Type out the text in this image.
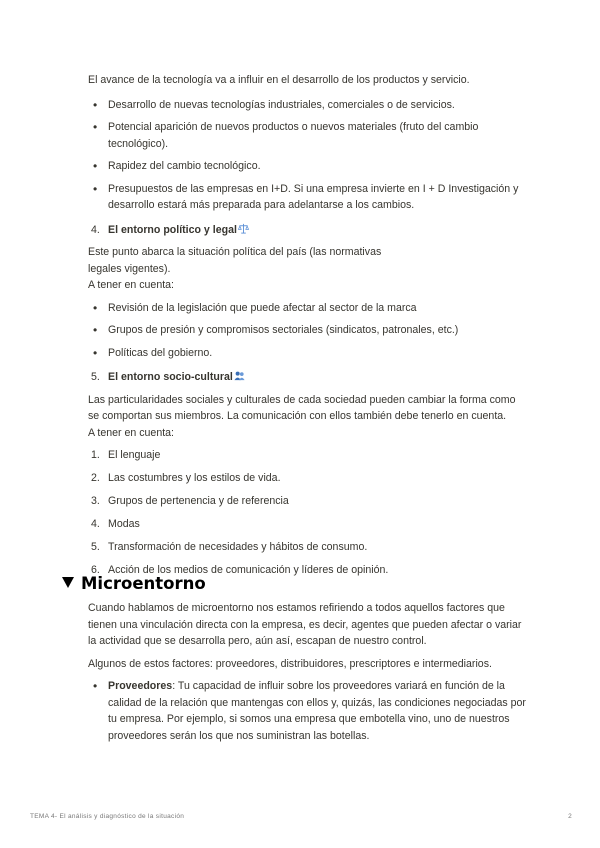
El avance de la tecnología va a influir en el desarrollo de los productos y servicio.

• Desarrollo de nuevas tecnologías industriales, comerciales o de servicios.
• Potencial aparición de nuevos productos o nuevos materiales (fruto del cambio tecnológico).
• Rapidez del cambio tecnológico.
• Presupuestos de las empresas en I+D. Si una empresa invierte en I + D Investigación y desarrollo estará más preparada para adelantarse a los cambios.
4. El entorno político y legal

Este punto abarca la situación política del país (las normativas

legales vigentes).

A tener en cuenta:

• Revisión de la legislación que puede afectar al sector de la marca
• Grupos de presión y compromisos sectoriales (sindicatos, patronales, etc.)
• Políticas del gobierno.
5. El entorno socio-cultural

Las particularidades sociales y culturales de cada sociedad pueden cambiar la forma como se comportan sus miembros. La comunicación con ellos también debe tenerlo en cuenta.

A tener en cuenta:

1. El lenguaje
2. Las costumbres y los estilos de vida.
3. Grupos de pertenencia y de referencia
4. Modas
5. Transformación de necesidades y hábitos de consumo.
6. Acción de los medios de comunicación y líderes de opinión.
Microentorno

Cuando hablamos de microentorno nos estamos refiriendo a todos aquellos factores que tienen una vinculación directa con la empresa, es decir, agentes que pueden afectar o variar la actividad que se desarrolla pero, aún así, escapan de nuestro control.

Algunos de estos factores: proveedores, distribuidores, prescriptores e intermediarios.

• Proveedores: Tu capacidad de influir sobre los proveedores variará en función de la calidad de la relación que mantengas con ellos y, quizás, las condiciones negociadas por tu empresa. Por ejemplo, si somos una empresa que embotella vino, uno de nuestros proveedores serán los que nos suministran las botellas.
TEMA 4- El análisis y diagnóstico de la situación	2
